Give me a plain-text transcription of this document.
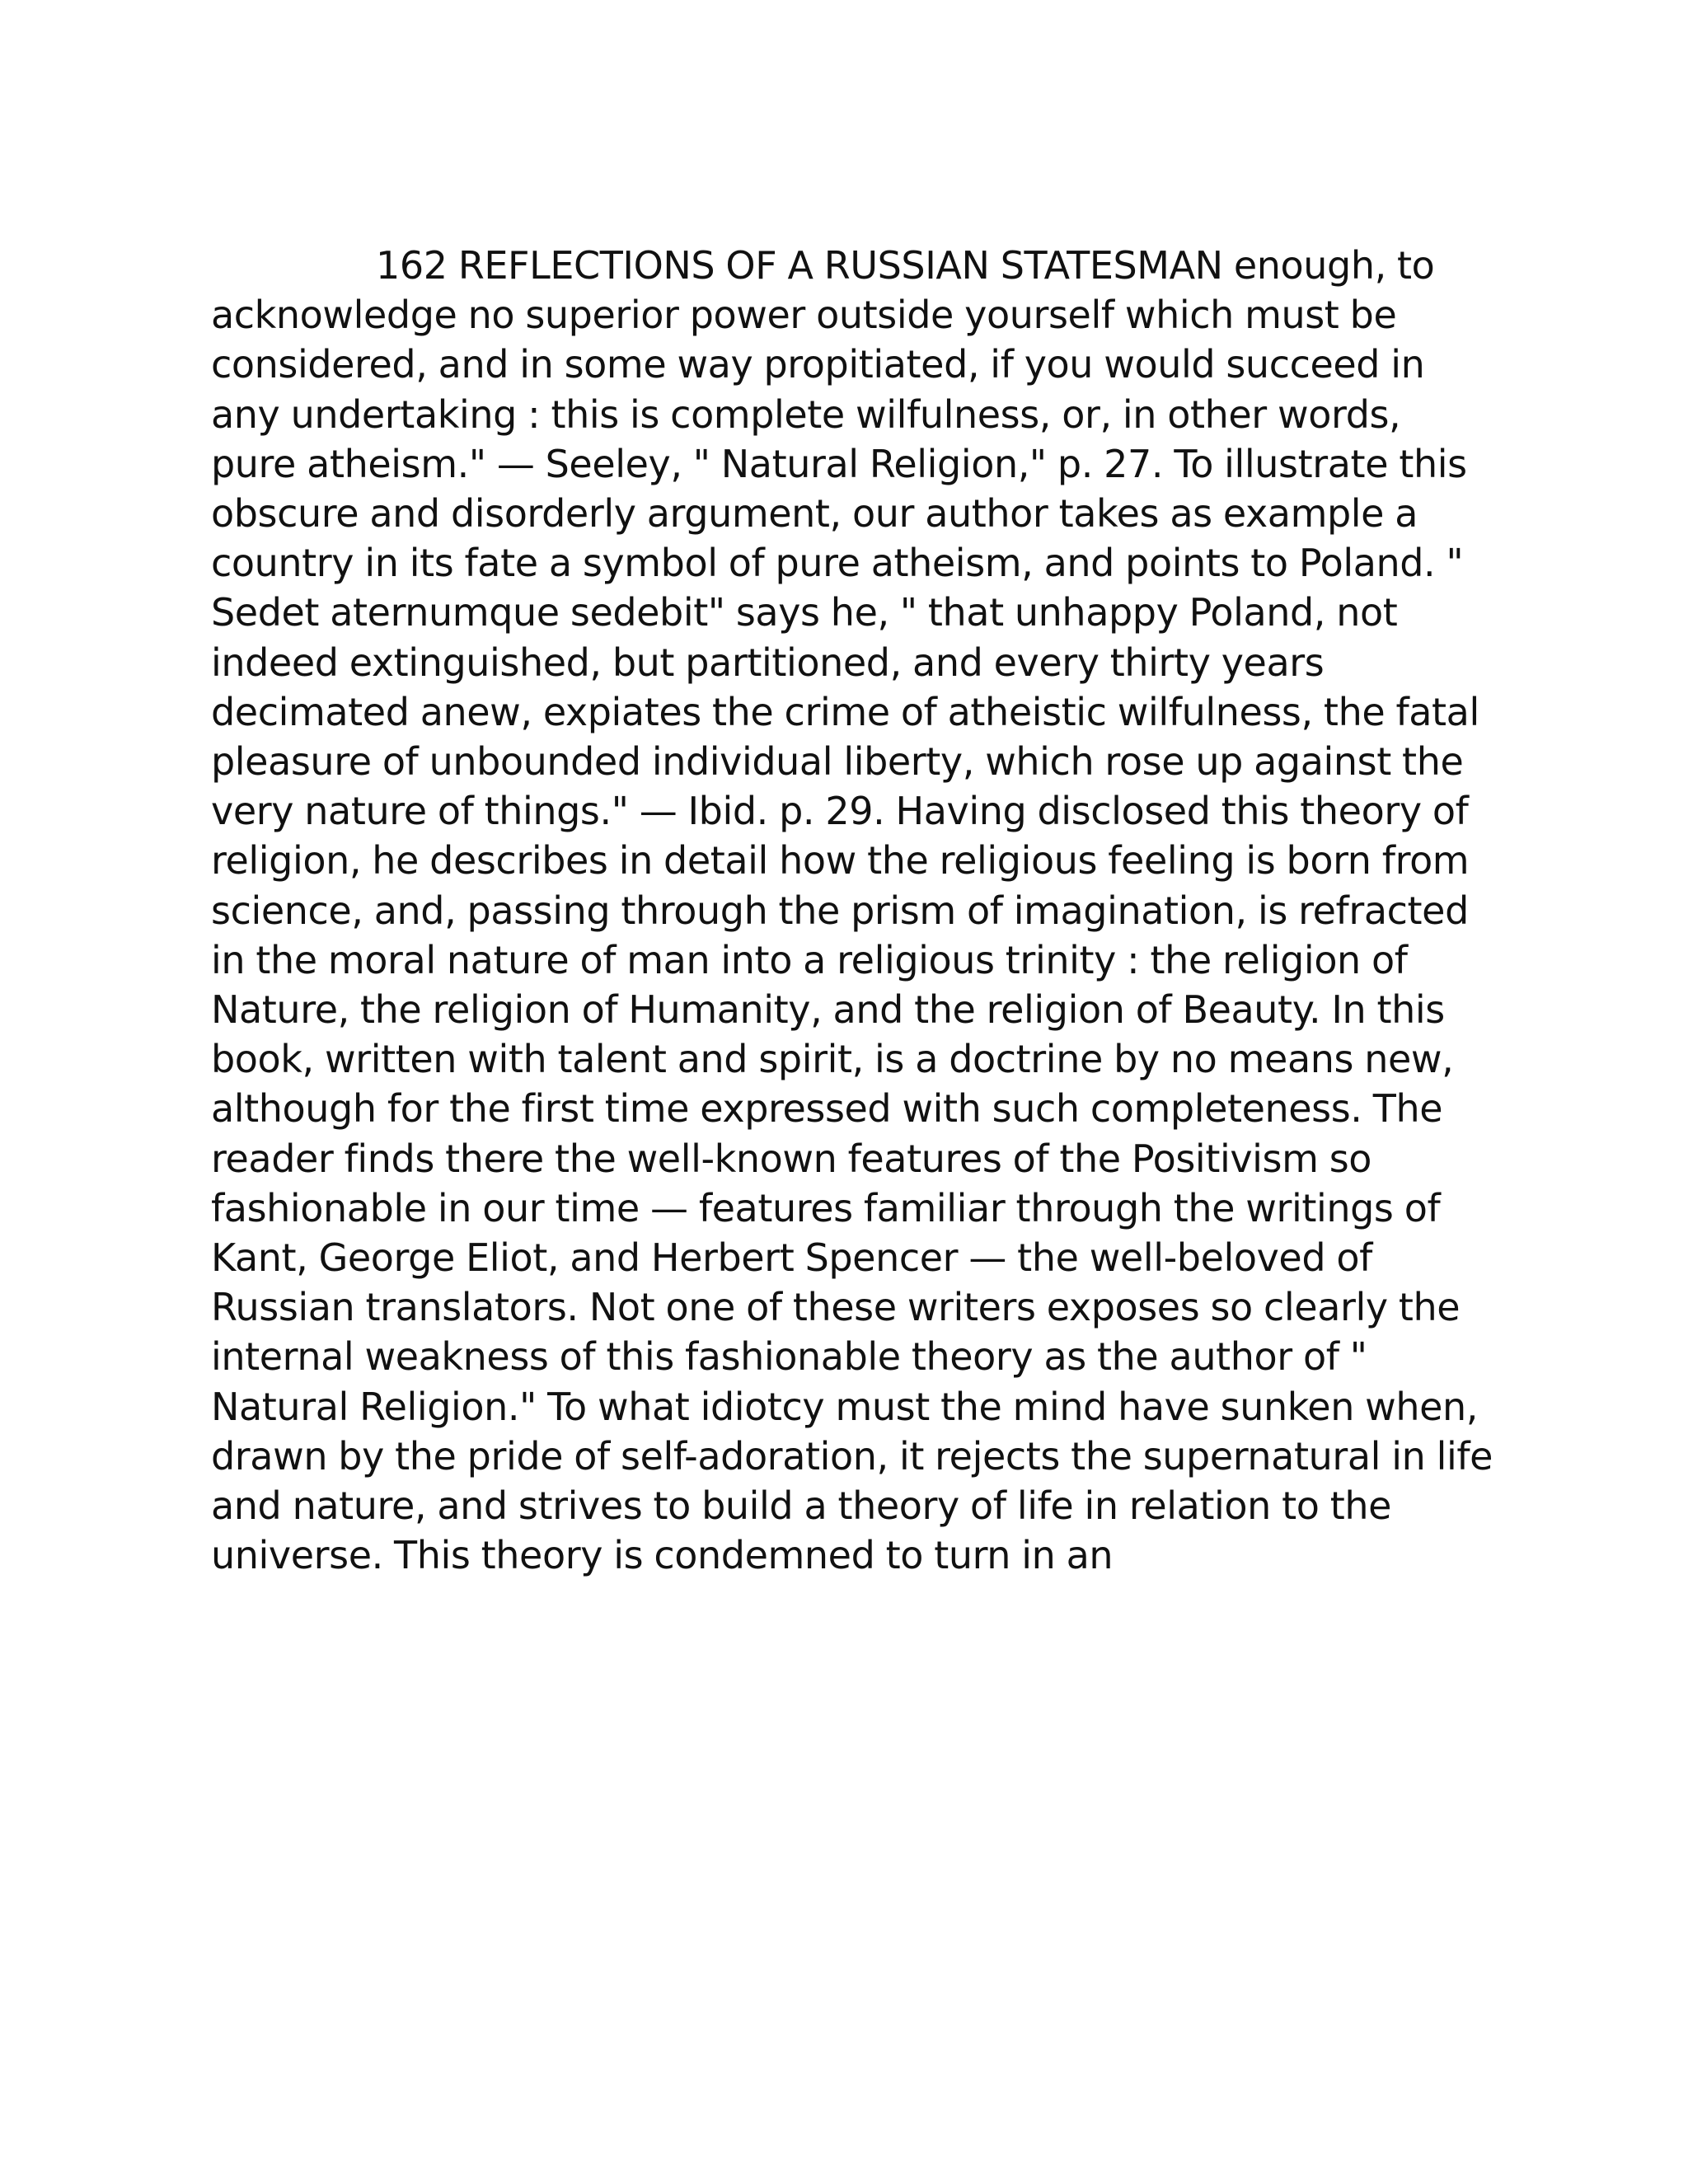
162 REFLECTIONS OF A RUSSIAN STATESMAN enough, to
acknowledge no superior power outside yourself which must be
considered, and in some way propitiated, if you would succeed in
any undertaking : this is complete wilfulness, or, in other words,
pure atheism." — Seeley, " Natural Religion," p. 27. To illustrate this
obscure and disorderly argument, our author takes as example a
country in its fate a symbol of pure atheism, and points to Poland. "
Sedet aternumque sedebit" says he, " that unhappy Poland, not
indeed extinguished, but partitioned, and every thirty years
decimated anew, expiates the crime of atheistic wilfulness, the fatal
pleasure of unbounded individual liberty, which rose up against the
very nature of things." — Ibid. p. 29. Having disclosed this theory of
religion, he describes in detail how the religious feeling is born from
science, and, passing through the prism of imagination, is refracted
in the moral nature of man into a religious trinity : the religion of
Nature, the religion of Humanity, and the religion of Beauty. In this
book, written with talent and spirit, is a doctrine by no means new,
although for the first time expressed with such completeness. The
reader finds there the well-known features of the Positivism so
fashionable in our time — features familiar through the writings of
Kant, George Eliot, and Herbert Spencer — the well-beloved of
Russian translators. Not one of these writers exposes so clearly the
internal weakness of this fashionable theory as the author of "
Natural Religion." To what idiotcy must the mind have sunken when,
drawn by the pride of self-adoration, it rejects the supernatural in life
and nature, and strives to build a theory of life in relation to the
universe. This theory is condemned to turn in an
